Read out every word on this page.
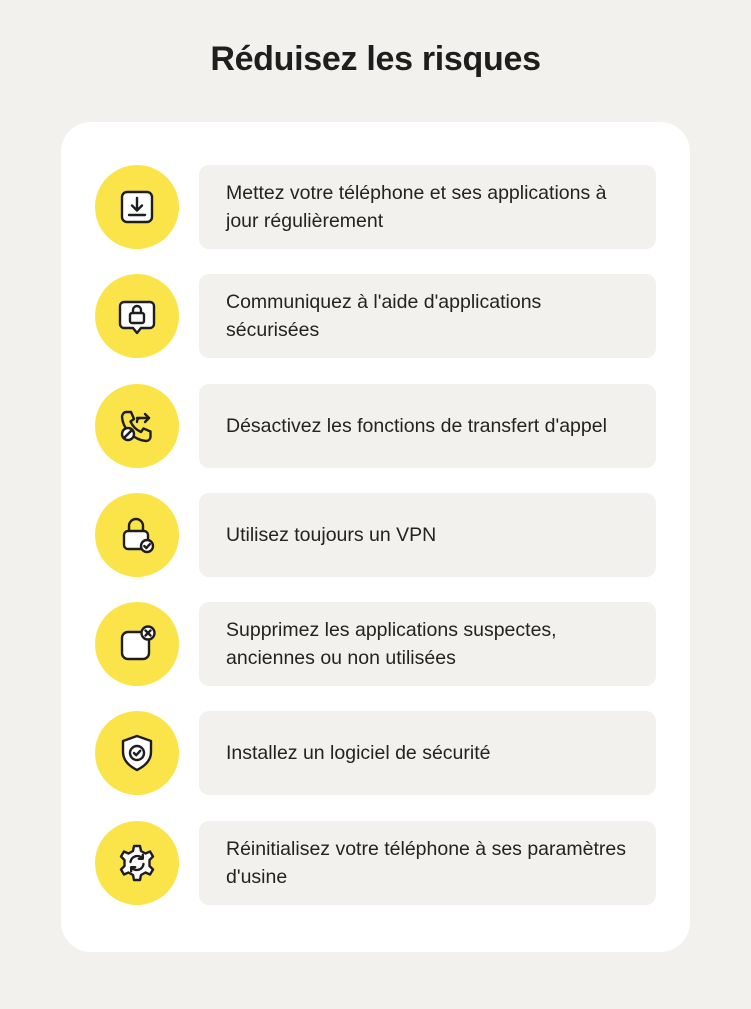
Réduisez les risques
Mettez votre téléphone et ses applications à jour régulièrement
Communiquez à l'aide d'applications sécurisées
Désactivez les fonctions de transfert d'appel
Utilisez toujours un VPN
Supprimez les applications suspectes, anciennes ou non utilisées
Installez un logiciel de sécurité
Réinitialisez votre téléphone à ses paramètres d'usine
